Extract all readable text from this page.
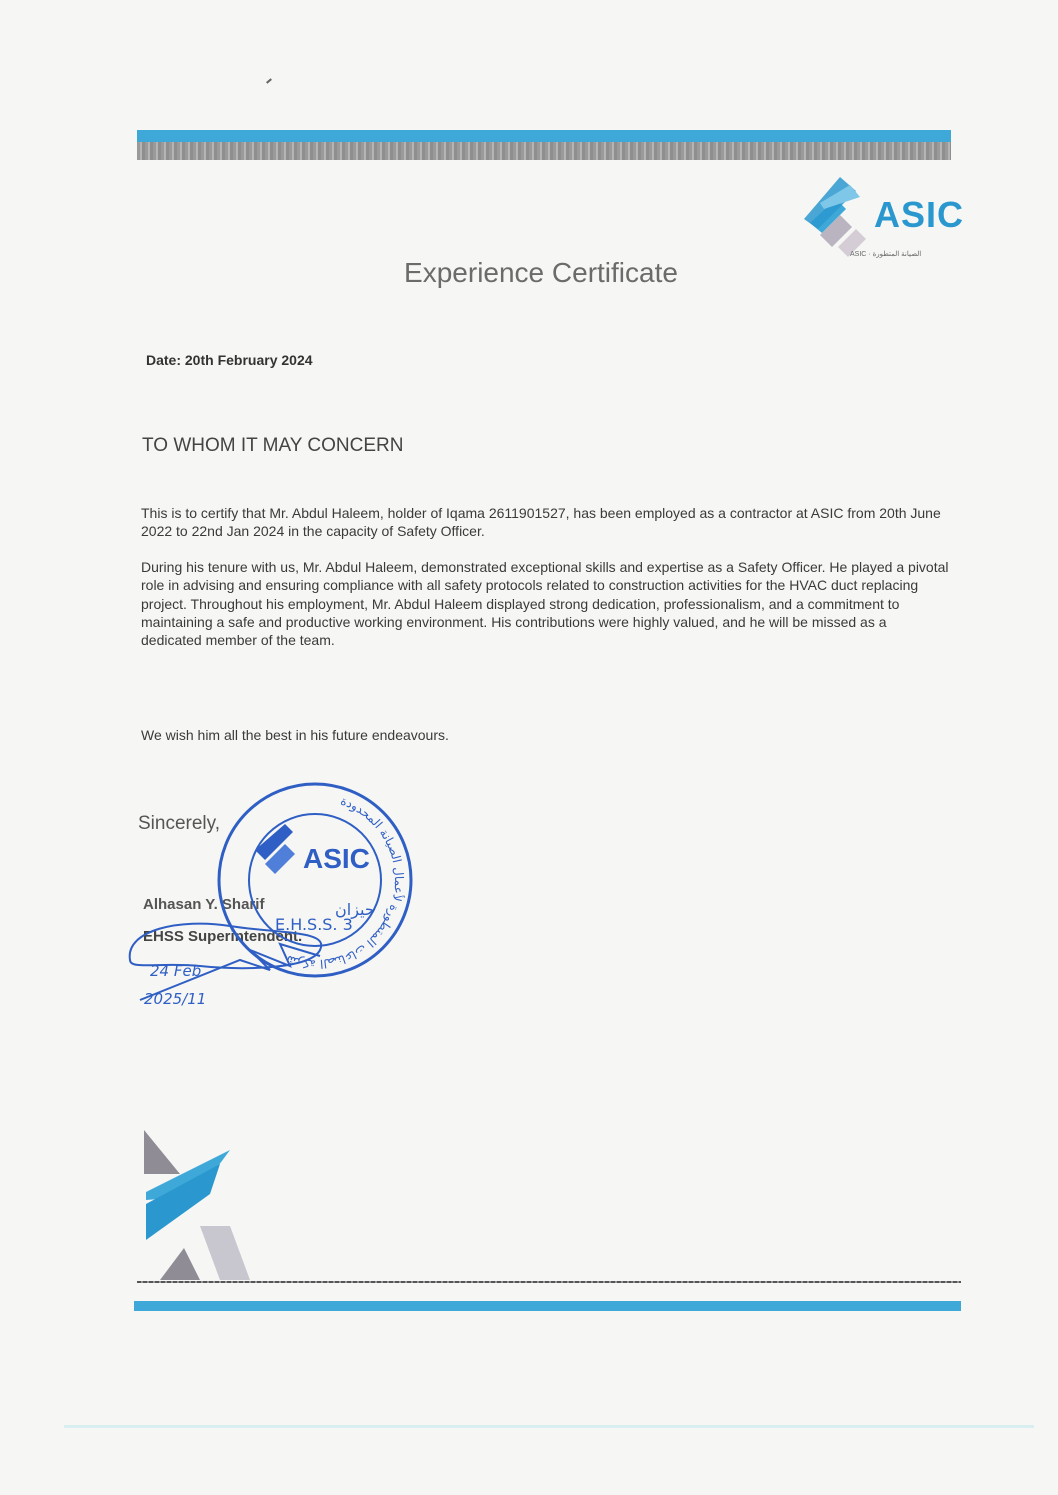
ASIC
ASIC · الصيانة المتطورة
Experience Certificate
Date: 20th February 2024
TO WHOM IT MAY CONCERN
This is to certify that Mr. Abdul Haleem, holder of Iqama 2611901527, has been employed as a contractor at ASIC from 20th June 2022 to 22nd Jan 2024 in the capacity of Safety Officer.
During his tenure with us, Mr. Abdul Haleem, demonstrated exceptional skills and expertise as a Safety Officer. He played a pivotal role in advising and ensuring compliance with all safety protocols related to construction activities for the HVAC duct replacing project. Throughout his employment, Mr. Abdul Haleem displayed strong dedication, professionalism, and a commitment to maintaining a safe and productive working environment. His contributions were highly valued, and he will be missed as a dedicated member of the team.
We wish him all the best in his future endeavours.
Sincerely,
Alhasan Y. Sharif
EHSS Superintendent.
شركة الصناعات المتطورة لأعمال الصيانة المحدودة
ASIC
جيزان
E.H.S.S. 3
24 Feb
2025/11
